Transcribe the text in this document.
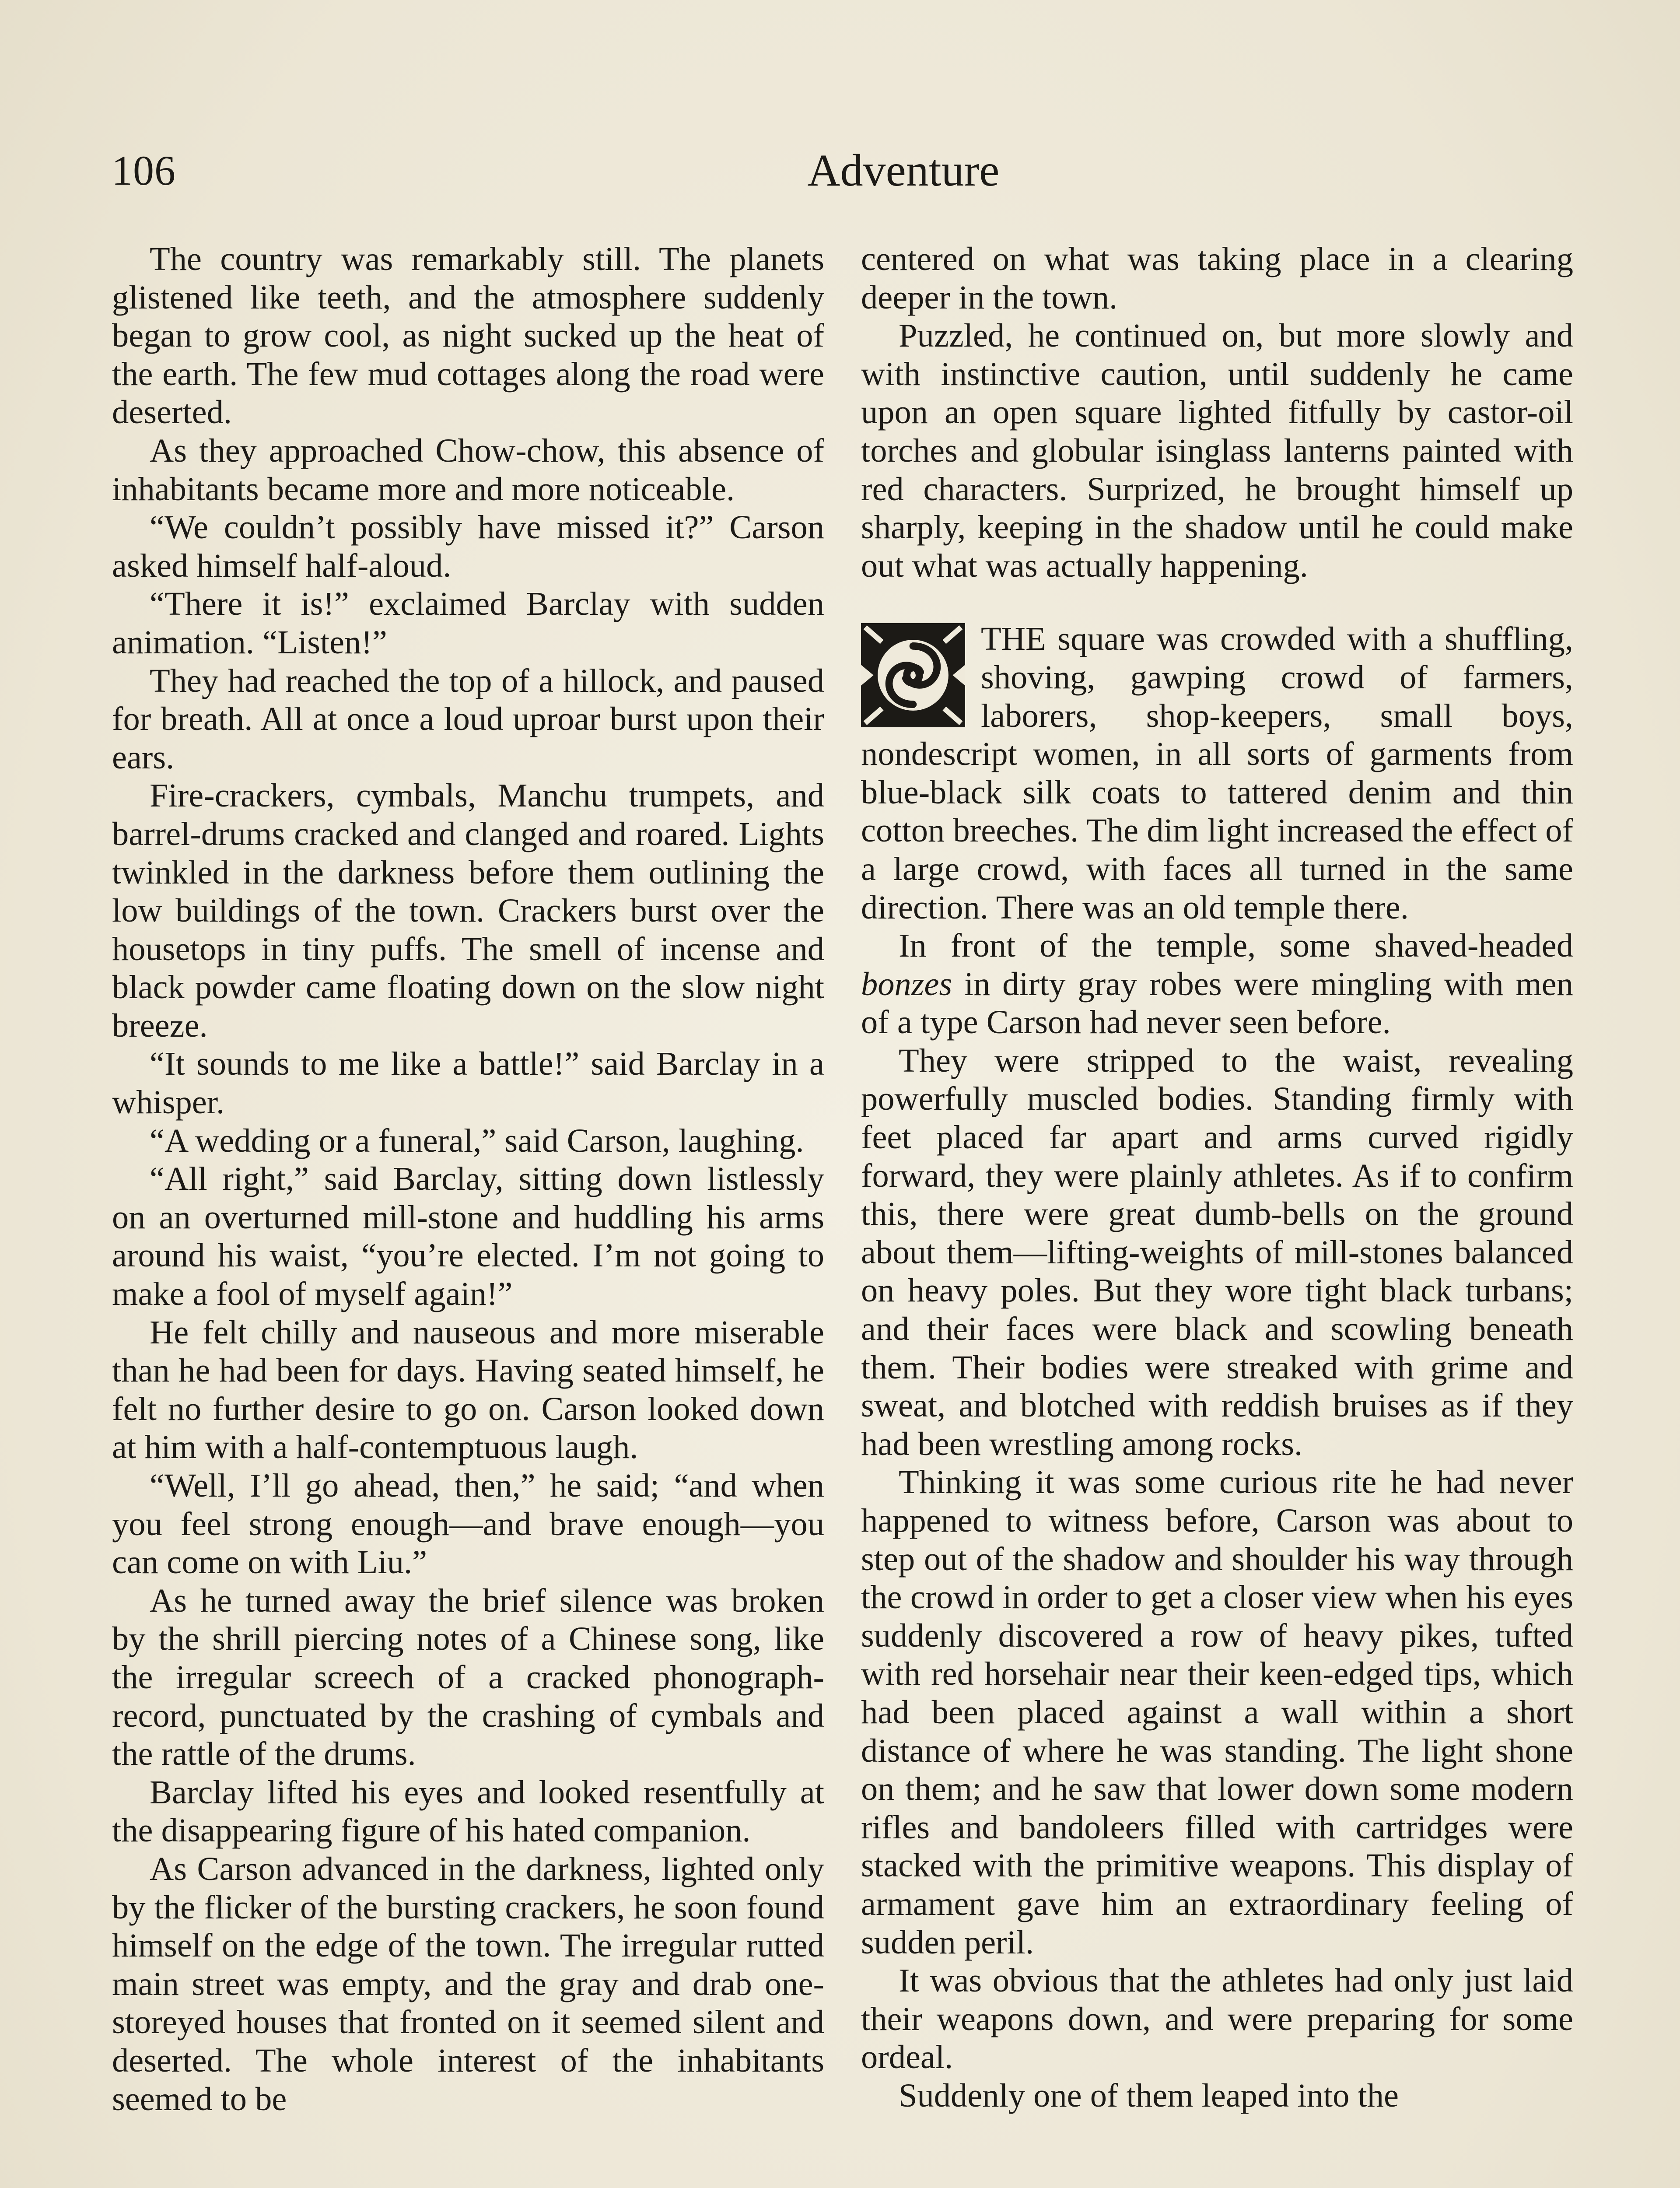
106	Adventure

The country was remarkably still. The planets glistened like teeth, and the atmosphere suddenly began to grow cool, as night sucked up the heat of the earth. The few mud cottages along the road were deserted.

As they approached Chow-chow, this absence of inhabitants became more and more noticeable.

“We couldn’t possibly have missed it?” Carson asked himself half-aloud.

“There it is!” exclaimed Barclay with sudden animation. “Listen!”

They had reached the top of a hillock, and paused for breath. All at once a loud uproar burst upon their ears.

Fire-crackers, cymbals, Manchu trumpets, and barrel-drums cracked and clanged and roared. Lights twinkled in the darkness before them outlining the low buildings of the town. Crackers burst over the housetops in tiny puffs. The smell of incense and black powder came floating down on the slow night breeze.

“It sounds to me like a battle!” said Barclay in a whisper.

“A wedding or a funeral,” said Carson, laughing.

“All right,” said Barclay, sitting down listlessly on an overturned mill-stone and huddling his arms around his waist, “you’re elected. I’m not going to make a fool of myself again!”

He felt chilly and nauseous and more miserable than he had been for days. Having seated himself, he felt no further desire to go on. Carson looked down at him with a half-contemptuous laugh.

“Well, I’ll go ahead, then,” he said; “and when you feel strong enough—and brave enough—you can come on with Liu.”

As he turned away the brief silence was broken by the shrill piercing notes of a Chinese song, like the irregular screech of a cracked phonograph-record, punctuated by the crashing of cymbals and the rattle of the drums.

Barclay lifted his eyes and looked resentfully at the disappearing figure of his hated companion.

As Carson advanced in the darkness, lighted only by the flicker of the bursting crackers, he soon found himself on the edge of the town. The irregular rutted main street was empty, and the gray and drab one-storeyed houses that fronted on it seemed silent and deserted. The whole interest of the inhabitants seemed to be

centered on what was taking place in a clearing deeper in the town.

Puzzled, he continued on, but more slowly and with instinctive caution, until suddenly he came upon an open square lighted fitfully by castor-oil torches and globular isinglass lanterns painted with red characters. Surprized, he brought himself up sharply, keeping in the shadow until he could make out what was actually happening.

THE square was crowded with a shuffling, shoving, gawping crowd of farmers, laborers, shop-keepers, small boys, nondescript women, in all sorts of garments from blue-black silk coats to tattered denim and thin cotton breeches. The dim light increased the effect of a large crowd, with faces all turned in the same direction. There was an old temple there.

In front of the temple, some shaved-headed bonzes in dirty gray robes were mingling with men of a type Carson had never seen before.

They were stripped to the waist, revealing powerfully muscled bodies. Standing firmly with feet placed far apart and arms curved rigidly forward, they were plainly athletes. As if to confirm this, there were great dumb-bells on the ground about them—lifting-weights of mill-stones balanced on heavy poles. But they wore tight black turbans; and their faces were black and scowling beneath them. Their bodies were streaked with grime and sweat, and blotched with reddish bruises as if they had been wrestling among rocks.

Thinking it was some curious rite he had never happened to witness before, Carson was about to step out of the shadow and shoulder his way through the crowd in order to get a closer view when his eyes suddenly discovered a row of heavy pikes, tufted with red horsehair near their keen-edged tips, which had been placed against a wall within a short distance of where he was standing. The light shone on them; and he saw that lower down some modern rifles and bandoleers filled with cartridges were stacked with the primitive weapons. This display of armament gave him an extraordinary feeling of sudden peril.

It was obvious that the athletes had only just laid their weapons down, and were preparing for some ordeal.

Suddenly one of them leaped into the
